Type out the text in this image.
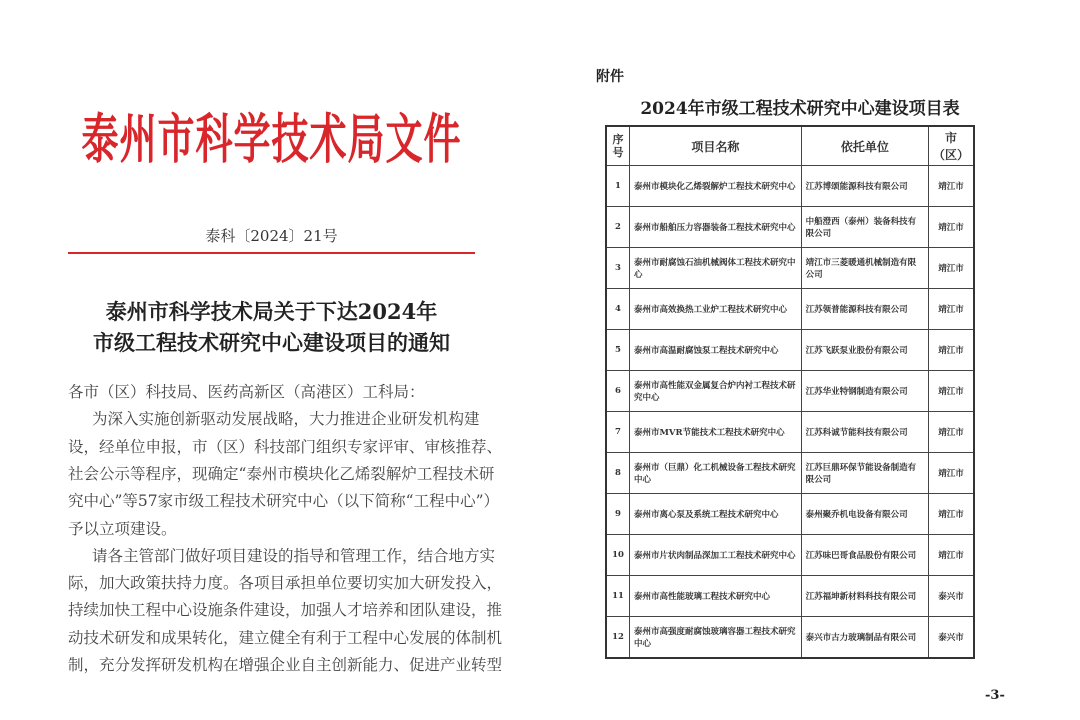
泰州市科学技术局文件
泰科〔2024〕21号
泰州市科学技术局关于下达2024年
市级工程技术研究中心建设项目的通知
各市（区）科技局、医药高新区（高港区）工科局：
为深入实施创新驱动发展战略，大力推进企业研发机构建
设，经单位申报，市（区）科技部门组织专家评审、审核推荐、
社会公示等程序，现确定“泰州市模块化乙烯裂解炉工程技术研
究中心”等57家市级工程技术研究中心（以下简称“工程中心”）
予以立项建设。
请各主管部门做好项目建设的指导和管理工作，结合地方实
际，加大政策扶持力度。各项目承担单位要切实加大研发投入，
持续加快工程中心设施条件建设，加强人才培养和团队建设，推
动技术研发和成果转化，建立健全有利于工程中心发展的体制机
制，充分发挥研发机构在增强企业自主创新能力、促进产业转型
附件
2024年市级工程技术研究中心建设项目表
序号	项目名称	依托单位	市（区）
1	泰州市模块化乙烯裂解炉工程技术研究中心	江苏博颂能源科技有限公司	靖江市
2	泰州市船舶压力容器装备工程技术研究中心	中船澄西（泰州）装备科技有限公司	靖江市
3	泰州市耐腐蚀石油机械阀体工程技术研究中心	靖江市三菱暖通机械制造有限公司	靖江市
4	泰州市高效换热工业炉工程技术研究中心	江苏领普能源科技有限公司	靖江市
5	泰州市高温耐腐蚀泵工程技术研究中心	江苏飞跃泵业股份有限公司	靖江市
6	泰州市高性能双金属复合炉内衬工程技术研究中心	江苏华业特钢制造有限公司	靖江市
7	泰州市MVR节能技术工程技术研究中心	江苏科诚节能科技有限公司	靖江市
8	泰州市（巨鼎）化工机械设备工程技术研究中心	江苏巨鼎环保节能设备制造有限公司	靖江市
9	泰州市离心泵及系统工程技术研究中心	泰州聚乔机电设备有限公司	靖江市
10	泰州市片状肉制品深加工工程技术研究中心	江苏味巴哥食品股份有限公司	靖江市
11	泰州市高性能玻璃工程技术研究中心	江苏福坤新材料科技有限公司	泰兴市
12	泰州市高强度耐腐蚀玻璃容器工程技术研究中心	泰兴市古力玻璃制品有限公司	泰兴市
-3-
